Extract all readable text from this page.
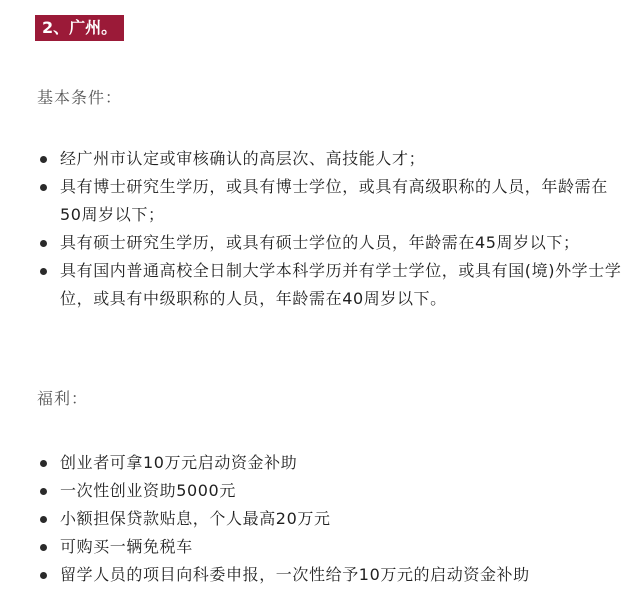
2、广州。
基本条件：
经广州市认定或审核确认的高层次、高技能人才；
具有博士研究生学历，或具有博士学位，或具有高级职称的人员，年龄需在50周岁以下；
具有硕士研究生学历，或具有硕士学位的人员，年龄需在45周岁以下；
具有国内普通高校全日制大学本科学历并有学士学位，或具有国(境)外学士学位，或具有中级职称的人员，年龄需在40周岁以下。
福利：
创业者可拿10万元启动资金补助
一次性创业资助5000元
小额担保贷款贴息，个人最高20万元
可购买一辆免税车
留学人员的项目向科委申报，一次性给予10万元的启动资金补助
